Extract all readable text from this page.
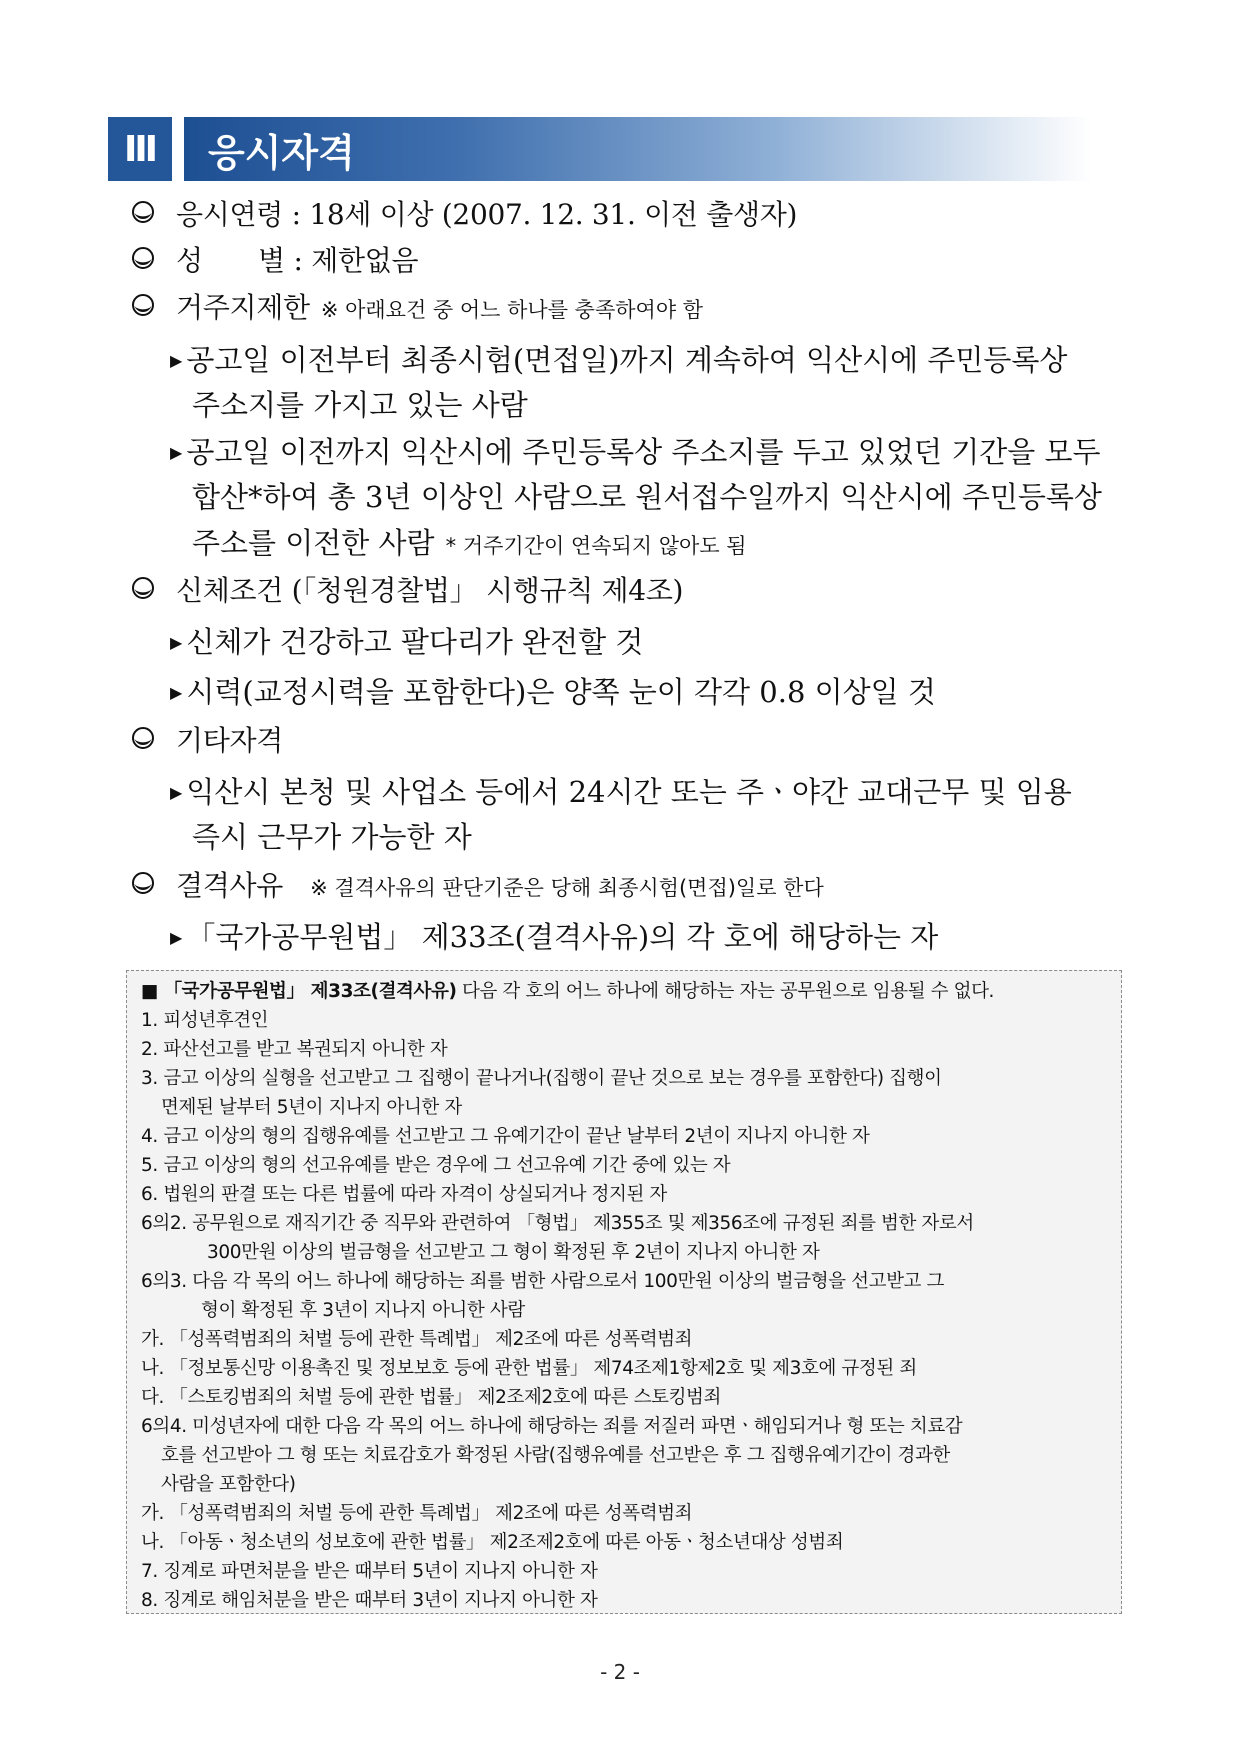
Ⅲ	응시자격
응시연령 : 18세 이상 (2007. 12. 31. 이전 출생자)
성　　별 : 제한없음
거주지제한 ※ 아래요건 중 어느 하나를 충족하여야 함
▶ 공고일 이전부터 최종시험(면접일)까지 계속하여 익산시에 주민등록상
주소지를 가지고 있는 사람
▶ 공고일 이전까지 익산시에 주민등록상 주소지를 두고 있었던 기간을 모두
합산*하여 총 3년 이상인 사람으로 원서접수일까지 익산시에 주민등록상
주소를 이전한 사람 * 거주기간이 연속되지 않아도 됨
신체조건 (「청원경찰법」 시행규칙 제4조)
▶ 신체가 건강하고 팔다리가 완전할 것
▶ 시력(교정시력을 포함한다)은 양쪽 눈이 각각 0.8 이상일 것
기타자격
▶ 익산시 본청 및 사업소 등에서 24시간 또는 주ㆍ야간 교대근무 및 임용
즉시 근무가 가능한 자
결격사유 ※ 결격사유의 판단기준은 당해 최종시험(면접)일로 한다
▶ 「국가공무원법」 제33조(결격사유)의 각 호에 해당하는 자
■ 「국가공무원법」 제33조(결격사유) 다음 각 호의 어느 하나에 해당하는 자는 공무원으로 임용될 수 없다.
1. 피성년후견인
2. 파산선고를 받고 복권되지 아니한 자
3. 금고 이상의 실형을 선고받고 그 집행이 끝나거나(집행이 끝난 것으로 보는 경우를 포함한다) 집행이
면제된 날부터 5년이 지나지 아니한 자
4. 금고 이상의 형의 집행유예를 선고받고 그 유예기간이 끝난 날부터 2년이 지나지 아니한 자
5. 금고 이상의 형의 선고유예를 받은 경우에 그 선고유예 기간 중에 있는 자
6. 법원의 판결 또는 다른 법률에 따라 자격이 상실되거나 정지된 자
6의2. 공무원으로 재직기간 중 직무와 관련하여 「형법」 제355조 및 제356조에 규정된 죄를 범한 자로서
300만원 이상의 벌금형을 선고받고 그 형이 확정된 후 2년이 지나지 아니한 자
6의3. 다음 각 목의 어느 하나에 해당하는 죄를 범한 사람으로서 100만원 이상의 벌금형을 선고받고 그
형이 확정된 후 3년이 지나지 아니한 사람
가. 「성폭력범죄의 처벌 등에 관한 특례법」 제2조에 따른 성폭력범죄
나. 「정보통신망 이용촉진 및 정보보호 등에 관한 법률」 제74조제1항제2호 및 제3호에 규정된 죄
다. 「스토킹범죄의 처벌 등에 관한 법률」 제2조제2호에 따른 스토킹범죄
6의4. 미성년자에 대한 다음 각 목의 어느 하나에 해당하는 죄를 저질러 파면ㆍ해임되거나 형 또는 치료감
호를 선고받아 그 형 또는 치료감호가 확정된 사람(집행유예를 선고받은 후 그 집행유예기간이 경과한
사람을 포함한다)
가. 「성폭력범죄의 처벌 등에 관한 특례법」 제2조에 따른 성폭력범죄
나. 「아동ㆍ청소년의 성보호에 관한 법률」 제2조제2호에 따른 아동ㆍ청소년대상 성범죄
7. 징계로 파면처분을 받은 때부터 5년이 지나지 아니한 자
8. 징계로 해임처분을 받은 때부터 3년이 지나지 아니한 자
- 2 -
